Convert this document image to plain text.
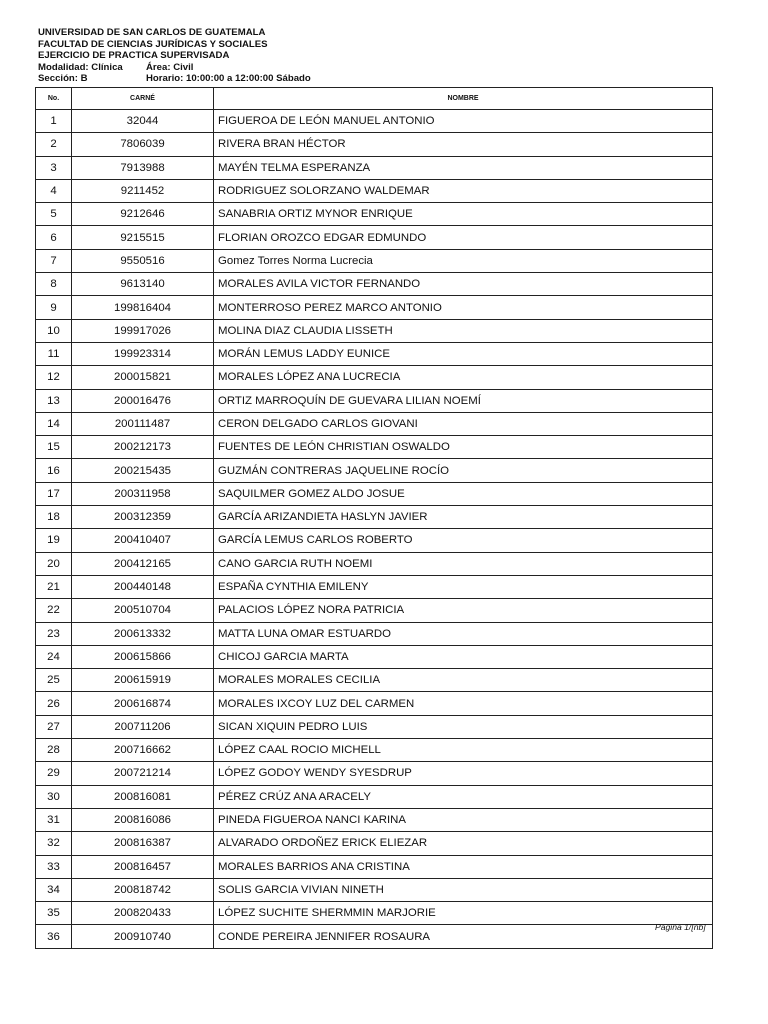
UNIVERSIDAD DE SAN CARLOS DE GUATEMALA
FACULTAD DE CIENCIAS JURÍDICAS Y SOCIALES
EJERCICIO DE PRACTICA SUPERVISADA
Modalidad: Clínica Área: Civil
Sección: B	Horario: 10:00:00 a 12:00:00 Sábado
No.	CARNÉ	NOMBRE
1	32044	FIGUEROA DE LEÓN MANUEL ANTONIO
2	7806039	RIVERA BRAN HÉCTOR
3	7913988	MAYÉN TELMA ESPERANZA
4	9211452	RODRIGUEZ SOLORZANO WALDEMAR
5	9212646	SANABRIA ORTIZ MYNOR ENRIQUE
6	9215515	FLORIAN OROZCO EDGAR EDMUNDO
7	9550516	Gomez Torres Norma Lucrecia
8	9613140	MORALES AVILA VICTOR FERNANDO
9	199816404	MONTERROSO PEREZ MARCO ANTONIO
10	199917026	MOLINA DIAZ CLAUDIA LISSETH
11	199923314	MORÁN LEMUS LADDY EUNICE
12	200015821	MORALES LÓPEZ ANA LUCRECIA
13	200016476	ORTIZ MARROQUÍN DE GUEVARA LILIAN NOEMÍ
14	200111487	CERON DELGADO CARLOS GIOVANI
15	200212173	FUENTES DE LEÓN CHRISTIAN OSWALDO
16	200215435	GUZMÁN CONTRERAS JAQUELINE ROCÍO
17	200311958	SAQUILMER GOMEZ ALDO JOSUE
18	200312359	GARCÍA ARIZANDIETA HASLYN JAVIER
19	200410407	GARCÍA LEMUS CARLOS ROBERTO
20	200412165	CANO GARCIA RUTH NOEMI
21	200440148	ESPAÑA CYNTHIA EMILENY
22	200510704	PALACIOS LÓPEZ NORA PATRICIA
23	200613332	MATTA LUNA OMAR ESTUARDO
24	200615866	CHICOJ GARCIA MARTA
25	200615919	MORALES MORALES CECILIA
26	200616874	MORALES IXCOY LUZ DEL CARMEN
27	200711206	SICAN XIQUIN PEDRO LUIS
28	200716662	LÓPEZ CAAL ROCIO MICHELL
29	200721214	LÓPEZ GODOY WENDY SYESDRUP
30	200816081	PÉREZ CRÚZ ANA ARACELY
31	200816086	PINEDA FIGUEROA NANCI KARINA
32	200816387	ALVARADO ORDOÑEZ ERICK ELIEZAR
33	200816457	MORALES BARRIOS ANA CRISTINA
34	200818742	SOLIS GARCIA VIVIAN NINETH
35	200820433	LÓPEZ SUCHITE SHERMMIN MARJORIE
36	200910740	CONDE PEREIRA JENNIFER ROSAURA
Pagina 1/[nb]
